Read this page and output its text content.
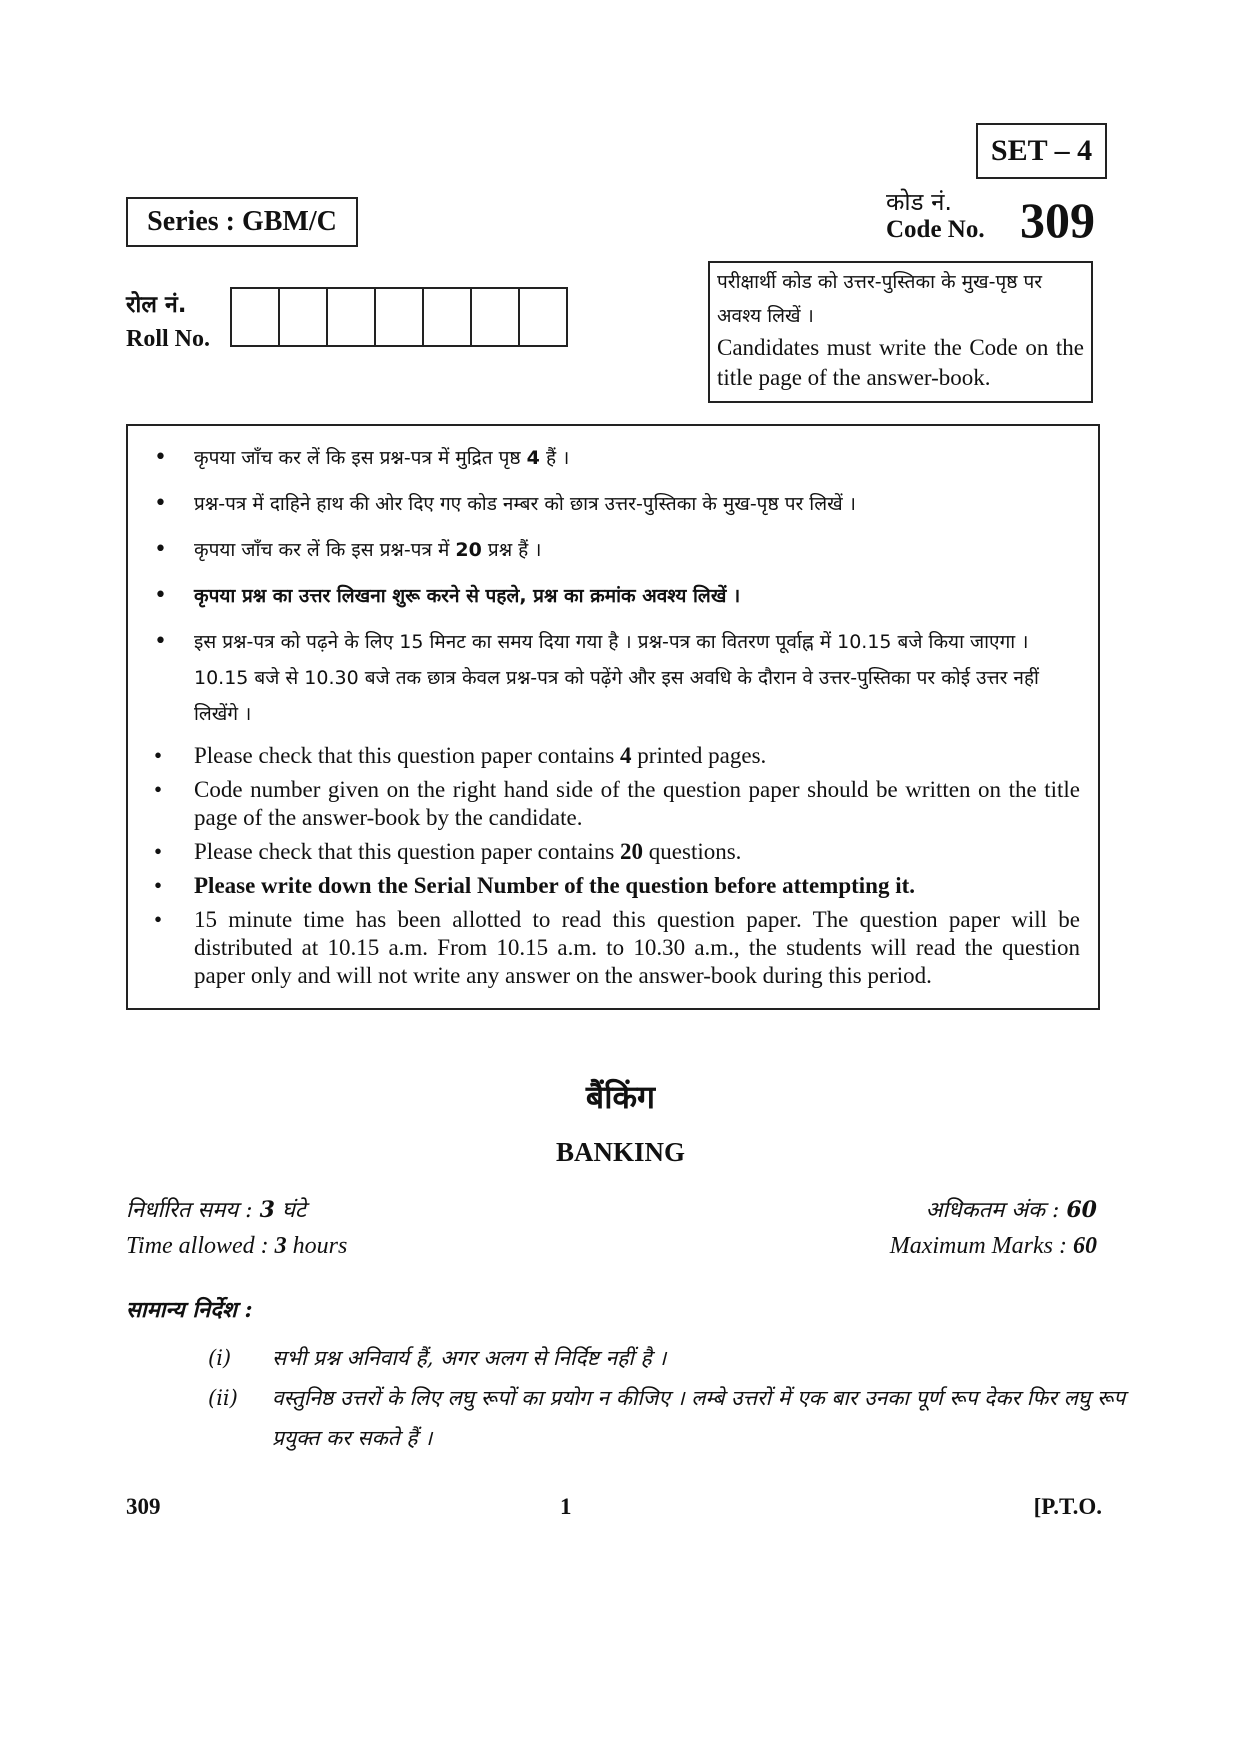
SET – 4
Series : GBM/C
कोड नं.
Code No. 309
रोल नं.
Roll No.
परीक्षार्थी कोड को उत्तर-पुस्तिका के मुख-पृष्ठ पर अवश्य लिखें ।
Candidates must write the Code on the title page of the answer-book.
•	कृपया जाँच कर लें कि इस प्रश्न-पत्र में मुद्रित पृष्ठ 4 हैं ।
•	प्रश्न-पत्र में दाहिने हाथ की ओर दिए गए कोड नम्बर को छात्र उत्तर-पुस्तिका के मुख-पृष्ठ पर लिखें ।
•	कृपया जाँच कर लें कि इस प्रश्न-पत्र में 20 प्रश्न हैं ।
•	कृपया प्रश्न का उत्तर लिखना शुरू करने से पहले, प्रश्न का क्रमांक अवश्य लिखें ।
•	इस प्रश्न-पत्र को पढ़ने के लिए 15 मिनट का समय दिया गया है । प्रश्न-पत्र का वितरण पूर्वाह्न में 10.15 बजे किया जाएगा । 10.15 बजे से 10.30 बजे तक छात्र केवल प्रश्न-पत्र को पढ़ेंगे और इस अवधि के दौरान वे उत्तर-पुस्तिका पर कोई उत्तर नहीं लिखेंगे ।
•	Please check that this question paper contains 4 printed pages.
•	Code number given on the right hand side of the question paper should be written on the title page of the answer-book by the candidate.
•	Please check that this question paper contains 20 questions.
•	Please write down the Serial Number of the question before attempting it.
•	15 minute time has been allotted to read this question paper. The question paper will be distributed at 10.15 a.m. From 10.15 a.m. to 10.30 a.m., the students will read the question paper only and will not write any answer on the answer-book during this period.
बैंकिंग
BANKING
निर्धारित समय : 3 घंटे
Time allowed : 3 hours
अधिकतम अंक : 60
Maximum Marks : 60
सामान्य निर्देश :
(i)	सभी प्रश्न अनिवार्य हैं, अगर अलग से निर्दिष्ट नहीं है ।
(ii)	वस्तुनिष्ठ उत्तरों के लिए लघु रूपों का प्रयोग न कीजिए । लम्बे उत्तरों में एक बार उनका पूर्ण रूप देकर फिर लघु रूप प्रयुक्त कर सकते हैं ।
309	1	[P.T.O.
